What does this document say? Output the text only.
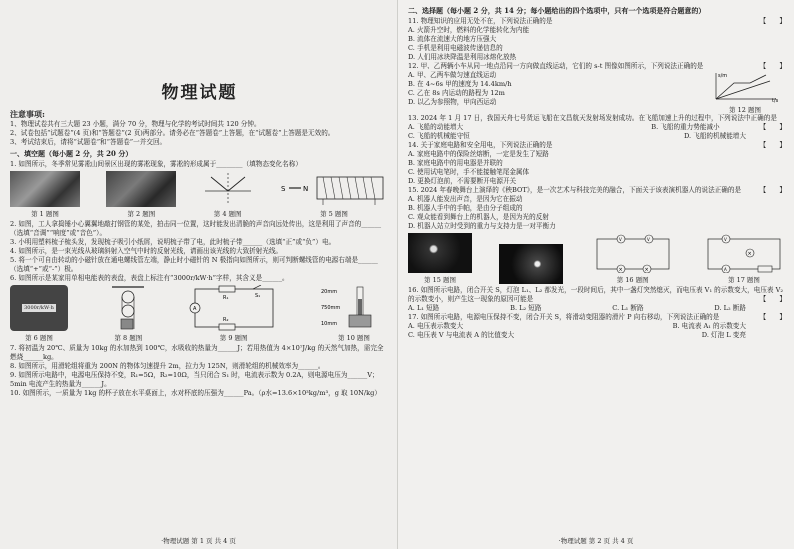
物理试题
注意事项:

1、物理试卷共有三大题 23 小题，满分 70 分，物理与化学的考试时间共 120 分钟。

2、试卷包括“试题卷”(4 页)和“答题卷”(2 页)两部分。请务必在“答题卷”上答题，在“试题卷”上答题是无效的。

3、考试结束后，请将“试题卷”和“答题卷”一并交回。

一、填空题（每小题 2 分，共 20 分）

1. 如图所示，冬季常见雾凇山间景区出现的雾凇现象，雾凇的形成属于________（填物态变化名称）

第 1 题图	第 2 题图	第 4 题图
S	N
第 5 题图

2. 如图，工人拿捣锤小心翼翼地敲打钢管的某处，拍击同一位置，这时能发出清脆的声音向远处传出，这是利用了声音的______（选填“音调”“响度”或“音色”）。

3. 小明用塑料梳子梳头发，发现梳子吸引小纸屑，说明梳子带了电，此时梳子带______（选填“正”或“负”）电。

4. 如图所示，是一束光线从玻璃斜射入空气中时的反射光线，请画出该光线的大致折射光线。

5. 将一个可自由转动的小磁针放在通电螺线管左端，静止时小磁针的 N 极指向如图所示，则可判断螺线管的电源右端是______（选填“+”或“-”）极。

6. 如图所示是某家用单相电能表的表盘，表盘上标注有“3000r/kW·h”字样，其含义是______。

3000r/kW·h
第 6 题图	第 8 题图
R₁
R₂
A
S₁
第 9 题图
20mm
750mm
10mm
第 10 题图

7. 将初温为 20℃、质量为 10kg 的水加热到 100℃，水吸收的热量为______J；若用热值为 4×10⁷J/kg 的天然气加热，需完全燃烧______kg。

8. 如图所示，用滑轮组将重为 200N 的物体匀速提升 2m，拉力为 125N，则滑轮组的机械效率为______。

9. 如图所示电路中，电源电压保持不变，R₁=5Ω，R₂=10Ω，当只闭合 S₁ 时，电流表示数为 0.2A，则电源电压为______V；5min 电流产生的热量为______J。

10. 如图所示，一质量为 1kg 的杯子放在水平桌面上，水对杯底的压强为______Pa。（ρ水=13.6×10³kg/m³，g 取 10N/kg）

·物理试题 第 1 页 共 4 页
二、选择题（每小题 2 分，共 14 分；每小题给出的四个选项中，只有一个选项是符合题意的）

11. 物理知识的应用无处不在，下列说法正确的是	【　　】

A. 火箭升空时，燃料的化学能转化为内能

B. 流体在流速大的地方压强大

C. 手机是利用电磁波传递信息的

D. 人们用冰块降温是利用冰熔化放热

12. 甲、乙两辆小车从同一地点沿同一方向做直线运动，它们的 s-t 图像如图所示，下列说法正确的是	【　　】

A. 甲、乙两车做匀速直线运动

B. 在 4~6s 甲的速度为 14.4km/h

C. 乙在 8s 内运动的路程为 12m

D. 以乙为参照物，甲向西运动	t/s
s/m
第 12 题图

13. 2024 年 1 月 17 日，我国天舟七号货运飞船在文昌航天发射场发射成功。在飞船加速上升的过程中，下列说法中正确的是
【　　】

A. 飞船的动能增大	B. 飞船的重力势能减小
C. 飞船的机械能守恒	D. 飞船的机械能增大

14. 关于家庭电路和安全用电，下列说法正确的是	【　　】

A. 家庭电路中的保险丝熔断，一定是发生了短路

B. 家庭电路中的用电器是并联的

C. 使用试电笔时，手不能接触笔尾金属体

D. 更换灯泡前，不需要断开电源开关

15. 2024 年春晚舞台上演绎的《秧BOT》，是一次艺术与科技完美的融合，下面关于该表演机器人的说法正确的是	【　　】

A. 机器人能发出声音，是因为它在振动

B. 机器人手中的手帕，是由分子组成的

C. 观众能看到舞台上的机器人，是因为光的反射

D. 机器人站立时受到的重力与支持力是一对平衡力

第 15 题图
V	V
×	×
第 16 题图
V
×
A
第 17 题图

16. 如图所示电路，闭合开关 S，灯泡 L₁、L₂ 都发光，一段时间后，其中一盏灯突然熄灭，而电压表 V₁ 的示数变大，电压表 V₂ 的示数变小，则产生这一现象的原因可能是	【　　】

A. L₁ 短路	B. L₂ 短路	C. L₁ 断路	D. L₂ 断路

17. 如图所示电路，电源电压保持不变，闭合开关 S，将滑动变阻器的滑片 P 向右移动，下列说法正确的是	【　　】

A. 电压表示数变大	B. 电流表 A₁ 的示数变大
C. 电压表 V 与电流表 A 的比值变大	D. 灯泡 L 变亮
·物理试题 第 2 页 共 4 页
